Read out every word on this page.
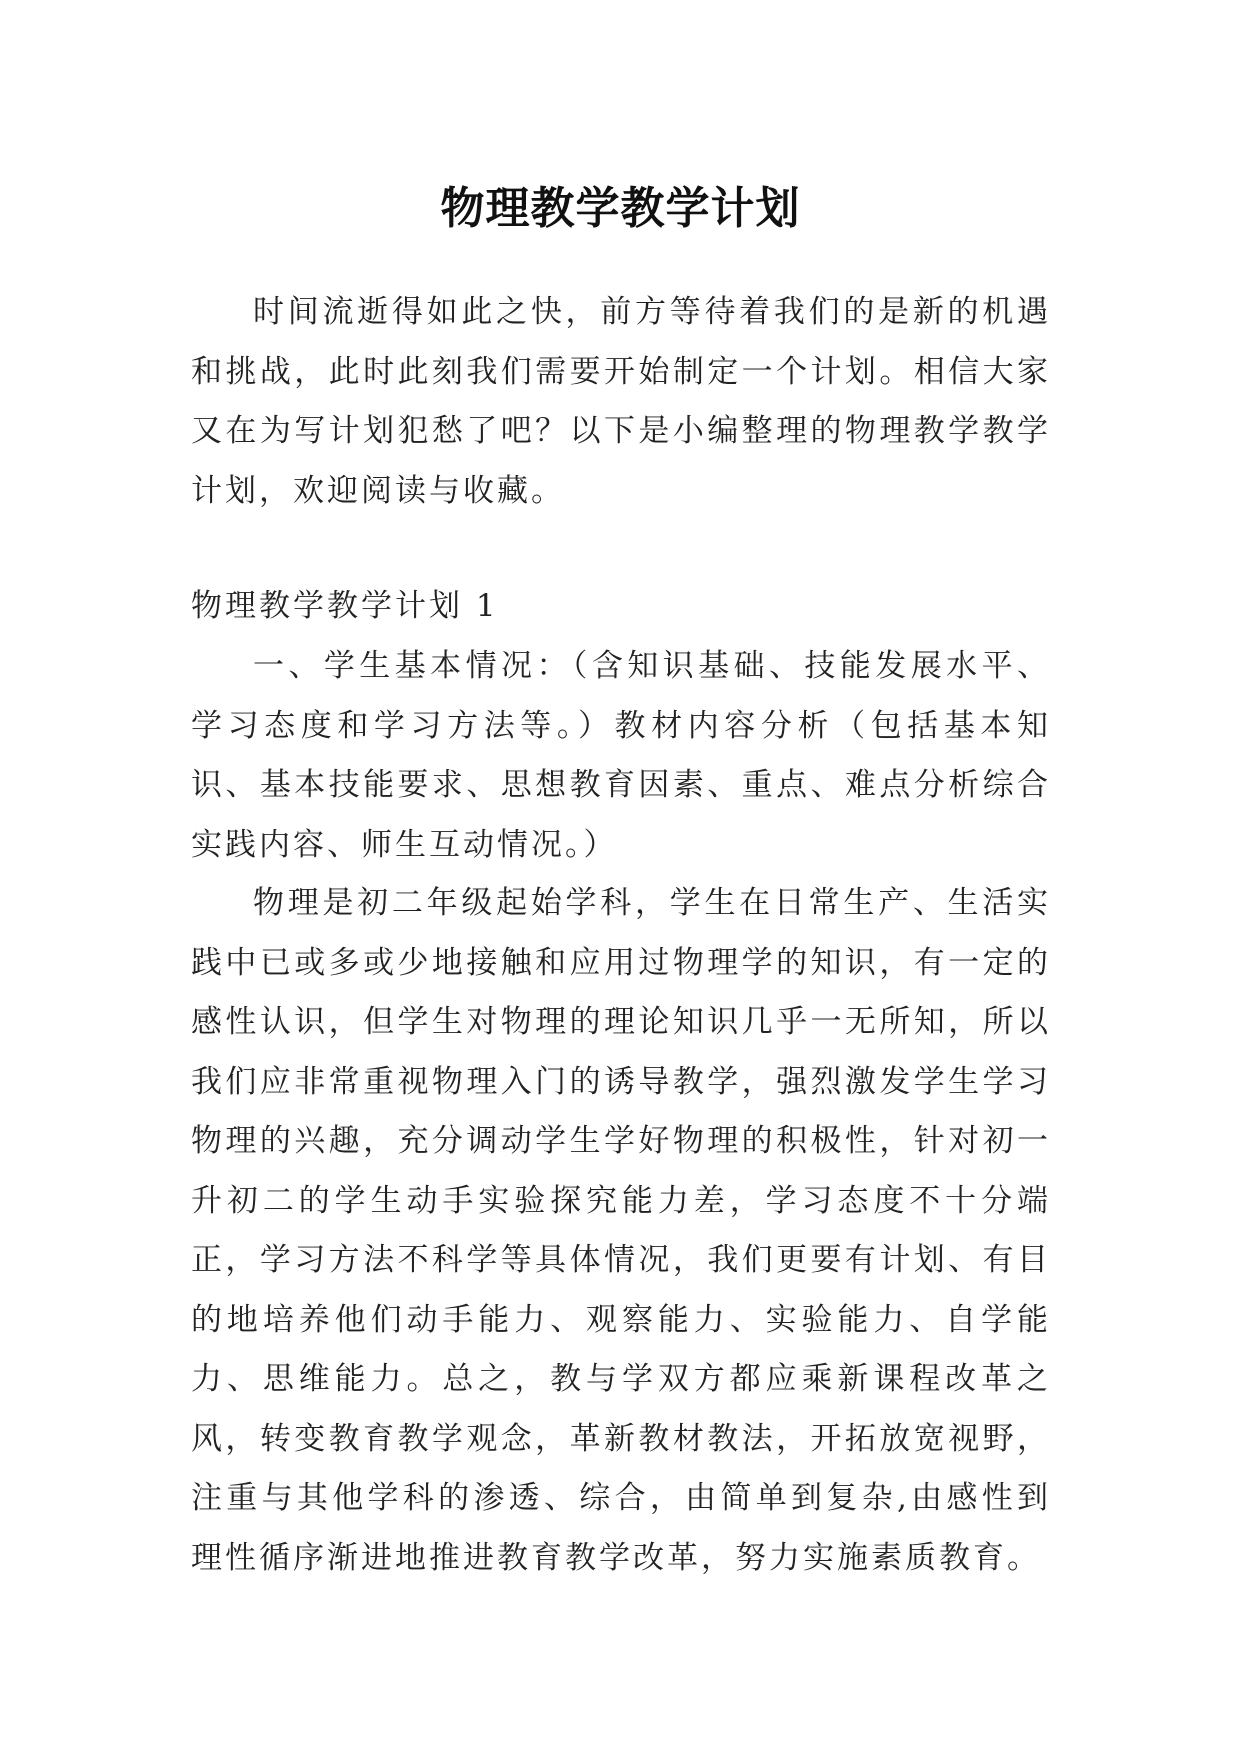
物理教学教学计划

时间流逝得如此之快，前方等待着我们的是新的机遇和挑战，此时此刻我们需要开始制定一个计划。相信大家又在为写计划犯愁了吧？以下是小编整理的物理教学教学计划，欢迎阅读与收藏。

物理教学教学计划 1

一、学生基本情况：（含知识基础、技能发展水平、学习态度和学习方法等。）教材内容分析（包括基本知识、基本技能要求、思想教育因素、重点、难点分析综合实践内容、师生互动情况。）

物理是初二年级起始学科，学生在日常生产、生活实践中已或多或少地接触和应用过物理学的知识，有一定的感性认识，但学生对物理的理论知识几乎一无所知，所以我们应非常重视物理入门的诱导教学，强烈激发学生学习物理的兴趣，充分调动学生学好物理的积极性，针对初一升初二的学生动手实验探究能力差，学习态度不十分端正，学习方法不科学等具体情况，我们更要有计划、有目的地培养他们动手能力、观察能力、实验能力、自学能力、思维能力。总之，教与学双方都应乘新课程改革之风，转变教育教学观念，革新教材教法，开拓放宽视野，注重与其他学科的渗透、综合，由简单到复杂,由感性到理性循序渐进地推进教育教学改革，努力实施素质教育。
